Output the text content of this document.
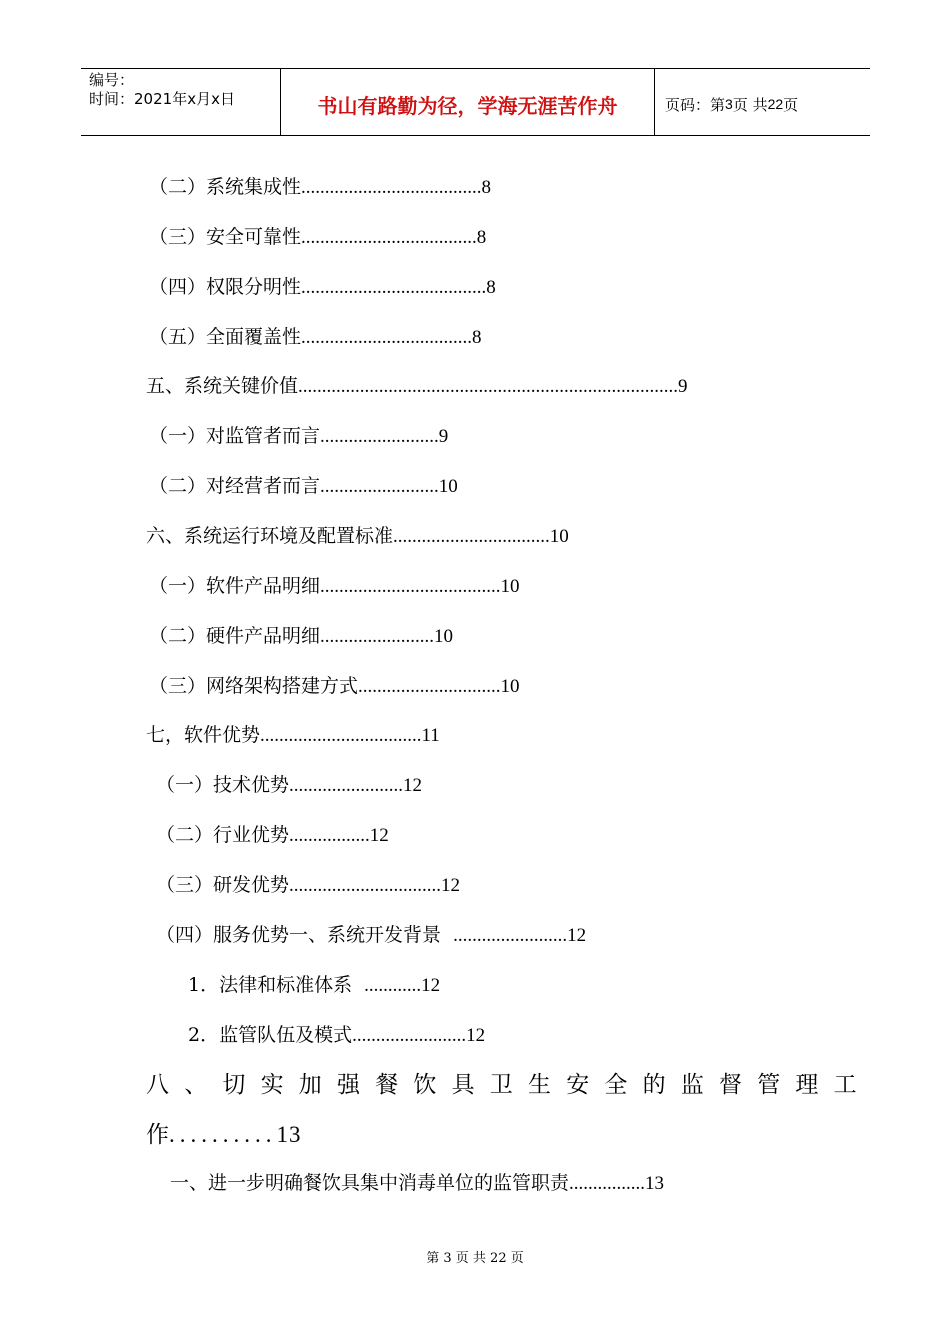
编号：
时间：2021年x月x日	书山有路勤为径，学海无涯苦作舟	页码：第 3 页 共 22 页
（二）系统集成性......................................8
（三）安全可靠性.....................................8
（四）权限分明性.......................................8
（五）全面覆盖性....................................8
五、系统关键价值................................................................................9
（一）对监管者而言.........................9
（二）对经营者而言.........................10
六、系统运行环境及配置标准.................................10
（一）软件产品明细......................................10
（二）硬件产品明细........................10
（三）网络架构搭建方式..............................10
七，软件优势..................................11
（一）技术优势........................12
（二）行业优势.................12
（三）研发优势................................12
（四）服务优势一、系统开发背景  ........................12
1．法律和标准体系  ............12
2．监管队伍及模式........................12
八、切实加强餐饮具卫生安全的监督管理工
作..........13
一、进一步明确餐饮具集中消毒单位的监管职责................13
第 3 页 共 22 页
